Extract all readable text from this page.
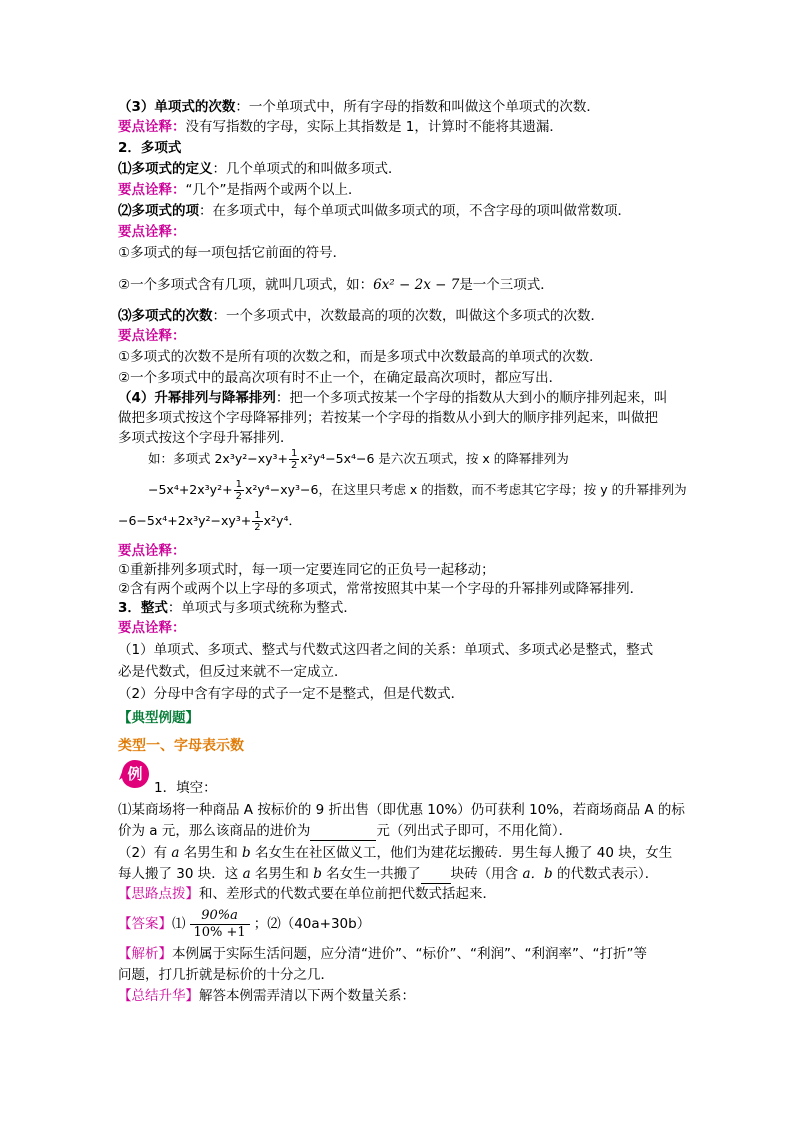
（3）单项式的次数：一个单项式中，所有字母的指数和叫做这个单项式的次数．
要点诠释：没有写指数的字母，实际上其指数是 1，计算时不能将其遗漏．
2．多项式
⑴多项式的定义：几个单项式的和叫做多项式．
要点诠释：“几个”是指两个或两个以上．
⑵多项式的项：在多项式中，每个单项式叫做多项式的项，不含字母的项叫做常数项．
要点诠释：
①多项式的每一项包括它前面的符号．
②一个多项式含有几项，就叫几项式，如：6x² − 2x − 7是一个三项式．
⑶多项式的次数：一个多项式中，次数最高的项的次数，叫做这个多项式的次数．
要点诠释：
①多项式的次数不是所有项的次数之和，而是多项式中次数最高的单项式的次数．
②一个多项式中的最高次项有时不止一个，在确定最高次项时，都应写出．
（4）升幂排列与降幂排列：把一个多项式按某一个字母的指数从大到小的顺序排列起来，叫
做把多项式按这个字母降幂排列；若按某一个字母的指数从小到大的顺序排列起来，叫做把
多项式按这个字母升幂排列．
如：多项式 $2x^3y^2-xy^3+ \frac{1}{2} x^2y^4-5x^4-6$ 是六次五项式，按 x 的降幂排列为
$-5x^4+2x^3y^2+ \frac{1}{2} x^2y^4-xy^3-6$，在这里只考虑 x 的指数，而不考虑其它字母；按 y 的升幂排列为
$-6-5x^4+2x^3y^2-xy^3+ \frac{1}{2} x^2y^4$．
要点诠释：
①重新排列多项式时，每一项一定要连同它的正负号一起移动；
②含有两个或两个以上字母的多项式，常常按照其中某一个字母的升幂排列或降幂排列．
3．整式：单项式与多项式统称为整式．
要点诠释：
（1）单项式、多项式、整式与代数式这四者之间的关系：单项式、多项式必是整式，整式
必是代数式，但反过来就不一定成立．
（2）分母中含有字母的式子一定不是整式，但是代数式．
【典型例题】
类型一、字母表示数
例
1．填空：
⑴某商场将一种商品 A 按标价的 9 折出售（即优惠 10%）仍可获利 10%，若商场商品 A 的标
价为 a 元，那么该商品的进价为	元（列出式子即可，不用化简）．
（2）有 a 名男生和 b 名女生在社区做义工，他们为建花坛搬砖．男生每人搬了 40 块，女生
每人搬了 30 块．这 a 名男生和 b 名女生一共搬了 块砖（用含 a．b 的代数式表示）．
【思路点拨】和、差形式的代数式要在单位前把代数式括起来．
【答案】⑴ $\frac{90\%a}{10\% +1}$ ；⑵（40a+30b）
【解析】本例属于实际生活问题，应分清“进价”、“标价”、“利润”、“利润率”、“打折”等
问题，打几折就是标价的十分之几．
【总结升华】解答本例需弄清以下两个数量关系：
